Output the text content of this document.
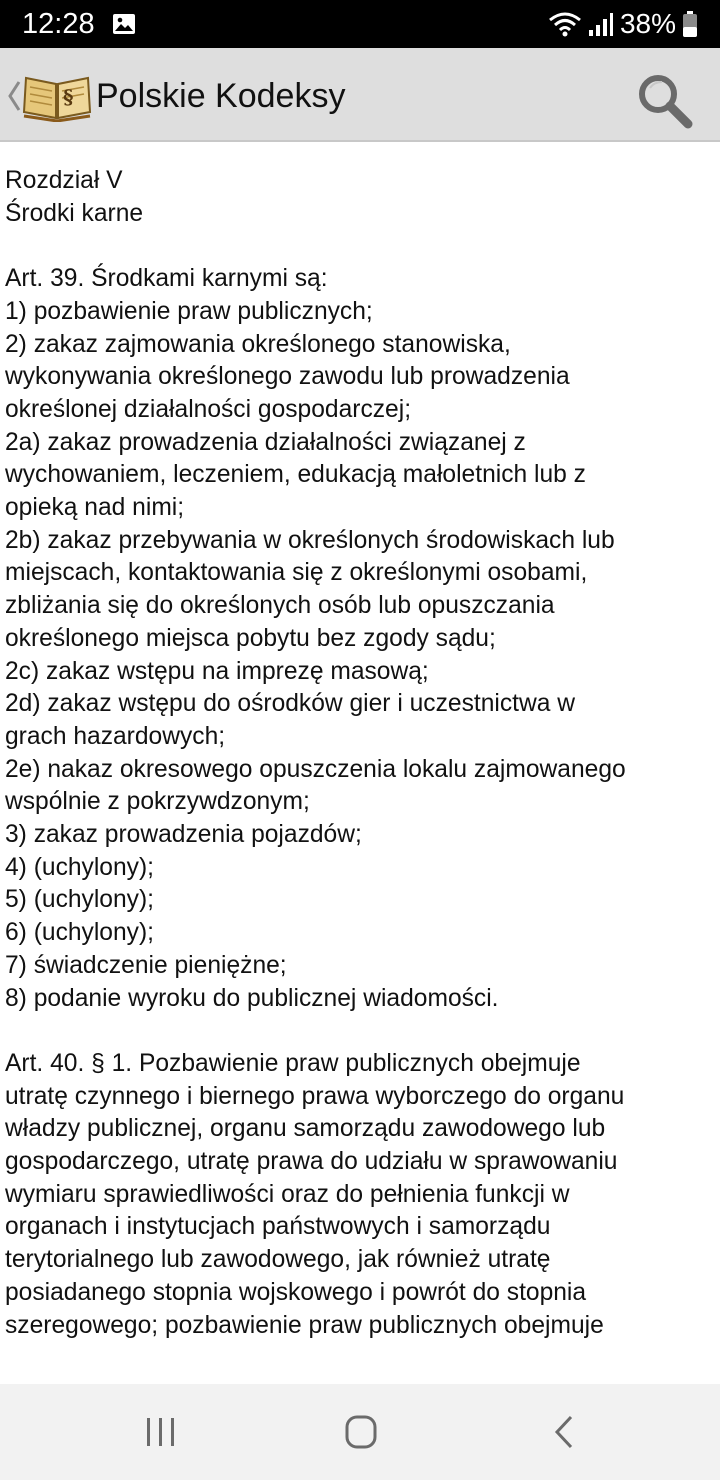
12:28	38%
§ Polskie Kodeksy
Rozdział V
Środki karne
Art. 39. Środkami karnymi są:
1) pozbawienie praw publicznych;
2) zakaz zajmowania określonego stanowiska,
wykonywania określonego zawodu lub prowadzenia
określonej działalności gospodarczej;
2a) zakaz prowadzenia działalności związanej z
wychowaniem, leczeniem, edukacją małoletnich lub z
opieką nad nimi;
2b) zakaz przebywania w określonych środowiskach lub
miejscach, kontaktowania się z określonymi osobami,
zbliżania się do określonych osób lub opuszczania
określonego miejsca pobytu bez zgody sądu;
2c) zakaz wstępu na imprezę masową;
2d) zakaz wstępu do ośrodków gier i uczestnictwa w
grach hazardowych;
2e) nakaz okresowego opuszczenia lokalu zajmowanego
wspólnie z pokrzywdzonym;
3) zakaz prowadzenia pojazdów;
4) (uchylony);
5) (uchylony);
6) (uchylony);
7) świadczenie pieniężne;
8) podanie wyroku do publicznej wiadomości.
Art. 40. § 1. Pozbawienie praw publicznych obejmuje
utratę czynnego i biernego prawa wyborczego do organu
władzy publicznej, organu samorządu zawodowego lub
gospodarczego, utratę prawa do udziału w sprawowaniu
wymiaru sprawiedliwości oraz do pełnienia funkcji w
organach i instytucjach państwowych i samorządu
terytorialnego lub zawodowego, jak również utratę
posiadanego stopnia wojskowego i powrót do stopnia
szeregowego; pozbawienie praw publicznych obejmuje
